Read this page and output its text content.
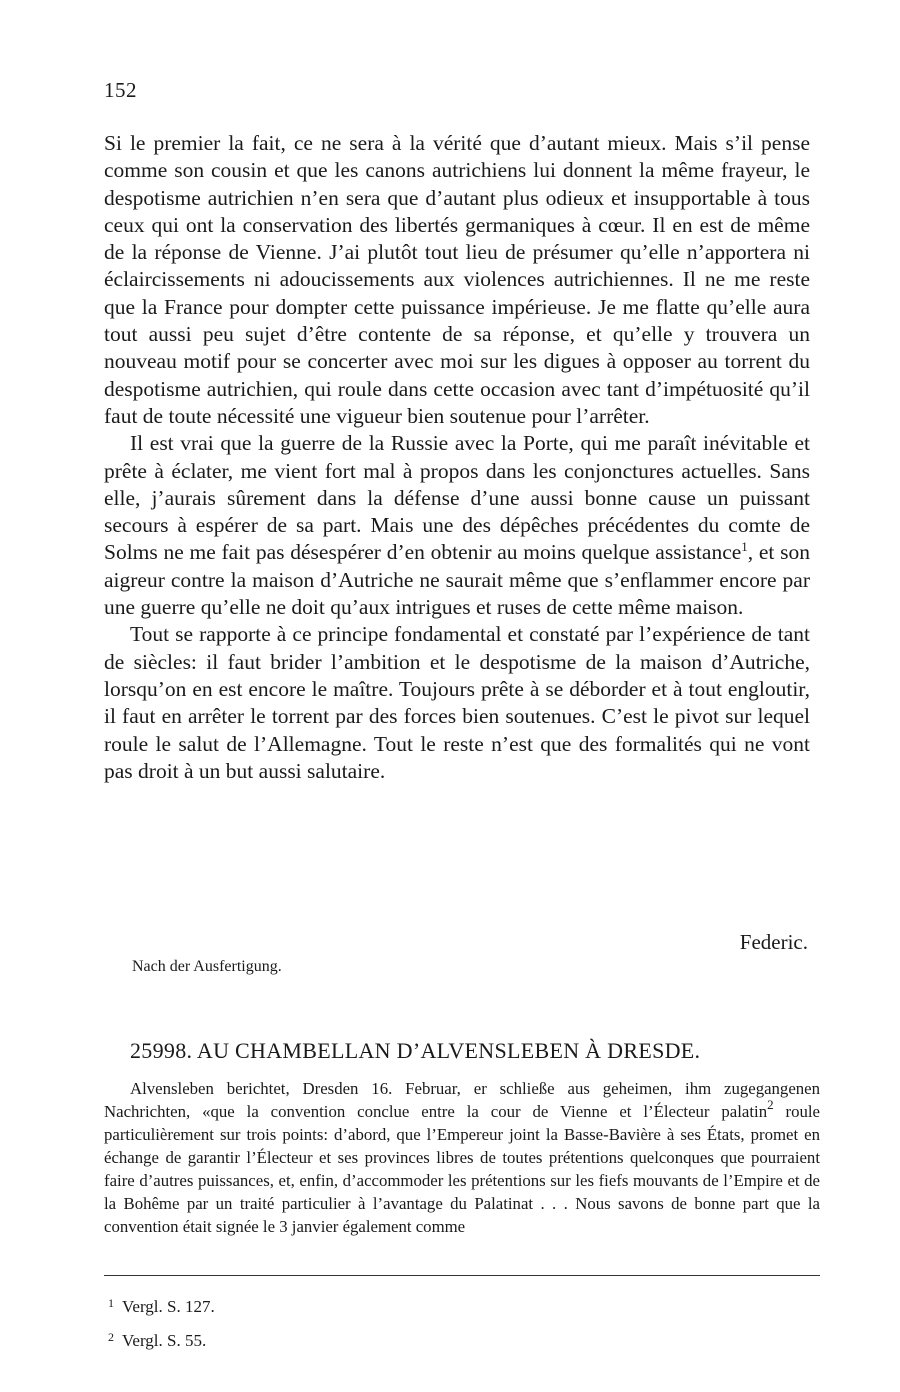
152

Si le premier la fait, ce ne sera à la vérité que d’autant mieux. Mais s’il pense comme son cousin et que les canons autrichiens lui donnent la même frayeur, le despotisme autrichien n’en sera que d’autant plus odieux et insupportable à tous ceux qui ont la conservation des libertés germaniques à cœur. Il en est de même de la réponse de Vienne. J’ai plutôt tout lieu de présumer qu’elle n’apportera ni éclaircissements ni adoucissements aux violences autrichiennes. Il ne me reste que la France pour dompter cette puissance impérieuse. Je me flatte qu’elle aura tout aussi peu sujet d’être contente de sa réponse, et qu’elle y trouvera un nouveau motif pour se concerter avec moi sur les digues à opposer au torrent du despotisme autrichien, qui roule dans cette occasion avec tant d’impétuosité qu’il faut de toute nécessité une vigueur bien soutenue pour l’arrêter.

Il est vrai que la guerre de la Russie avec la Porte, qui me paraît inévitable et prête à éclater, me vient fort mal à propos dans les conjonctures actuelles. Sans elle, j’aurais sûrement dans la défense d’une aussi bonne cause un puissant secours à espérer de sa part. Mais une des dépêches précédentes du comte de Solms ne me fait pas désespérer d’en obtenir au moins quelque assistance$^1$, et son aigreur contre la maison d’Autriche ne saurait même que s’enflammer encore par une guerre qu’elle ne doit qu’aux intrigues et ruses de cette même maison.

Tout se rapporte à ce principe fondamental et constaté par l’expérience de tant de siècles: il faut brider l’ambition et le despotisme de la maison d’Autriche, lorsqu’on en est encore le maître. Toujours prête à se déborder et à tout engloutir, il faut en arrêter le torrent par des forces bien soutenues. C’est le pivot sur lequel roule le salut de l’Allemagne. Tout le reste n’est que des formalités qui ne vont pas droit à un but aussi salutaire.

Federic.
Nach der Ausfertigung.
25998. AU CHAMBELLAN D’ALVENSLEBEN À DRESDE.

Alvensleben berichtet, Dresden 16. Februar, er schließe aus geheimen, ihm zugegangenen Nachrichten, «que la convention conclue entre la cour de Vienne et l’Électeur palatin$^2$ roule particulièrement sur trois points: d’abord, que l’Empereur joint la Basse-Bavière à ses États, promet en échange de garantir l’Électeur et ses provinces libres de toutes prétentions quelconques que pourraient faire d’autres puissances, et, enfin, d’accommoder les prétentions sur les fiefs mouvants de l’Empire et de la Bohême par un traité particulier à l’avantage du Palatinat . . . Nous savons de bonne part que la convention était signée le 3 janvier également comme

$^1$ Vergl. S. 127.
$^2$ Vergl. S. 55.
